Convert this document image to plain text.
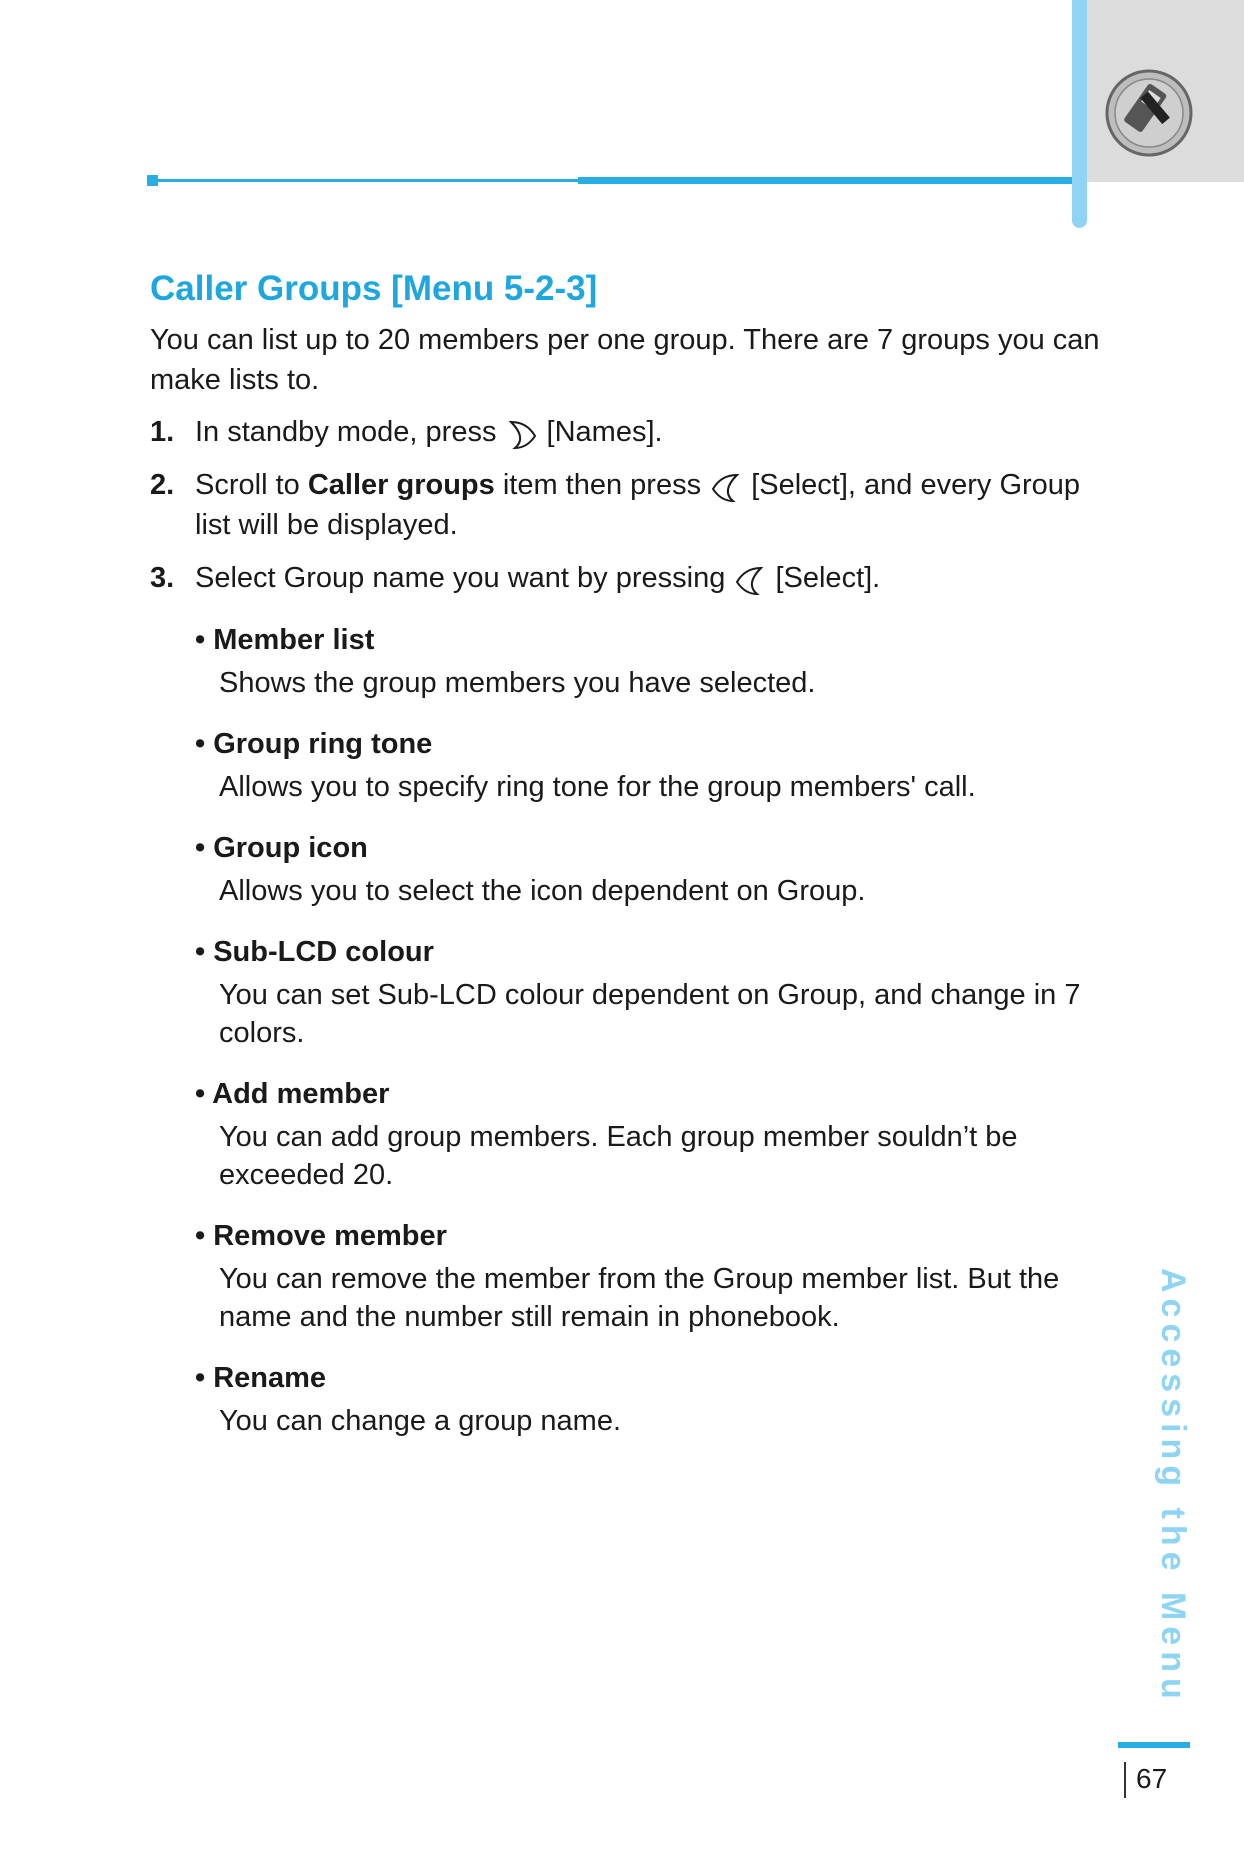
Caller Groups [Menu 5-2-3]

You can list up to 20 members per one group. There are 7 groups you can make lists to.

1. In standby mode, press  [Names].
2. Scroll to Caller groups item then press  [Select], and every Group list will be displayed.
3. Select Group name you want by pressing  [Select].
• Member list
Shows the group members you have selected.
• Group ring tone
Allows you to specify ring tone for the group members' call.
• Group icon
Allows you to select the icon dependent on Group.
• Sub-LCD colour
You can set Sub-LCD colour dependent on Group, and change in 7 colors.
• Add member
You can add group members. Each group member souldn’t be exceeded 20.
• Remove member
You can remove the member from the Group member list. But the name and the number still remain in phonebook.
• Rename
You can change a group name.	Accessing the Menu
67
